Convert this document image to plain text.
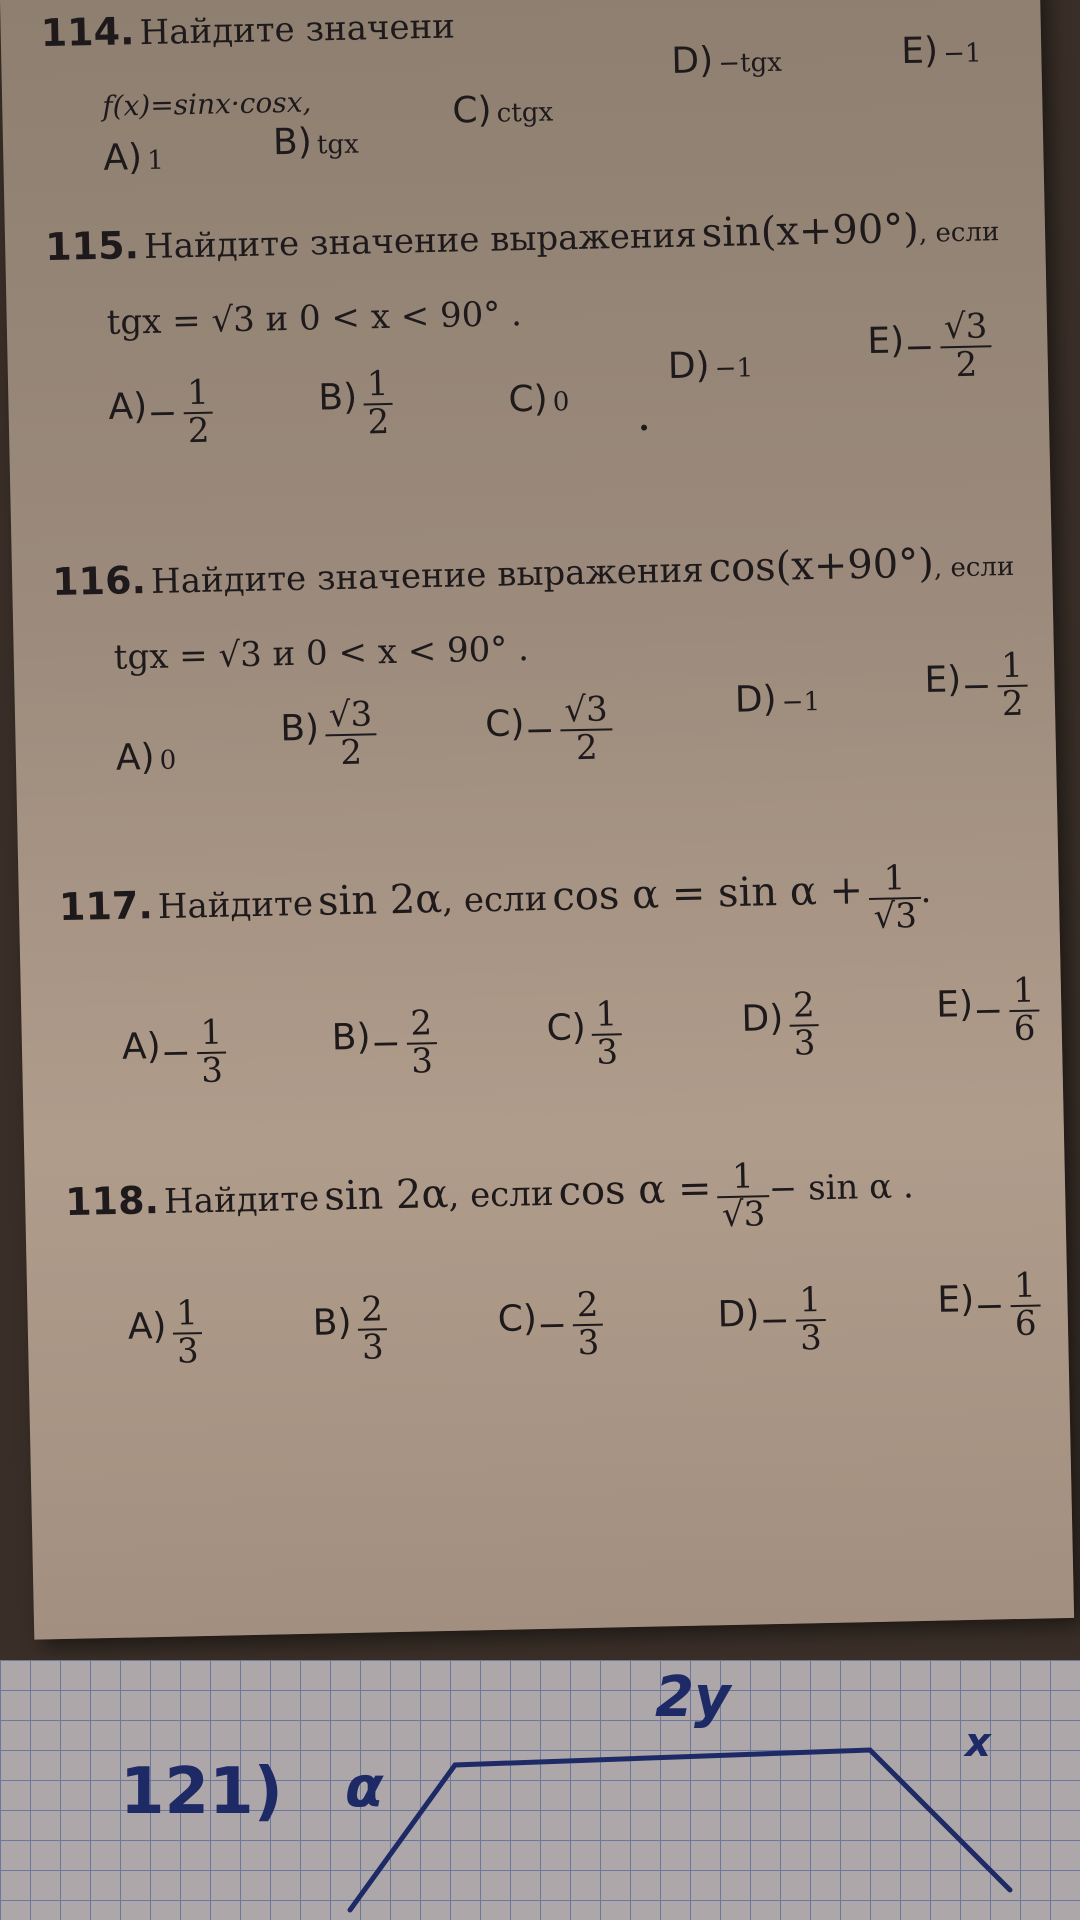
114. Найдите значени
f(x)=sinx·cosx,
A) 1	B) tgx
C) ctgx
D) −tgx	E) −1
115. Найдите значение выражения sin(x+90°), если
tgx = √3 и 0 < x < 90° .
$A)- \frac{1}{2}$	$B) \frac{1}{2}$	C) 0
D) −1
$E)- \frac{√3}{2}$
116. Найдите значение выражения cos(x+90°), если
tgx = √3 и 0 < x < 90° .
A) 0
$B) \frac{√3}{2}$	$C)- \frac{√3}{2}$	D) −1
$E)- \frac{1}{2}$
117. Найдите sin 2α, если $\cos \alpha = \sin \alpha + \frac{1}{√3}$
.
$A)- \frac{1}{3}$	$B)- \frac{2}{3}$	$C) \frac{1}{3}$	$D) \frac{2}{3}$	$E)- \frac{1}{6}$
118. Найдите sin 2α, если $\cos \alpha = \frac{1}{√3}$
− sin α .
$A) \frac{1}{3}$	$B) \frac{2}{3}$	$C)- \frac{2}{3}$	$D)- \frac{1}{3}$	$E)- \frac{1}{6}$
121) α
2y
x
